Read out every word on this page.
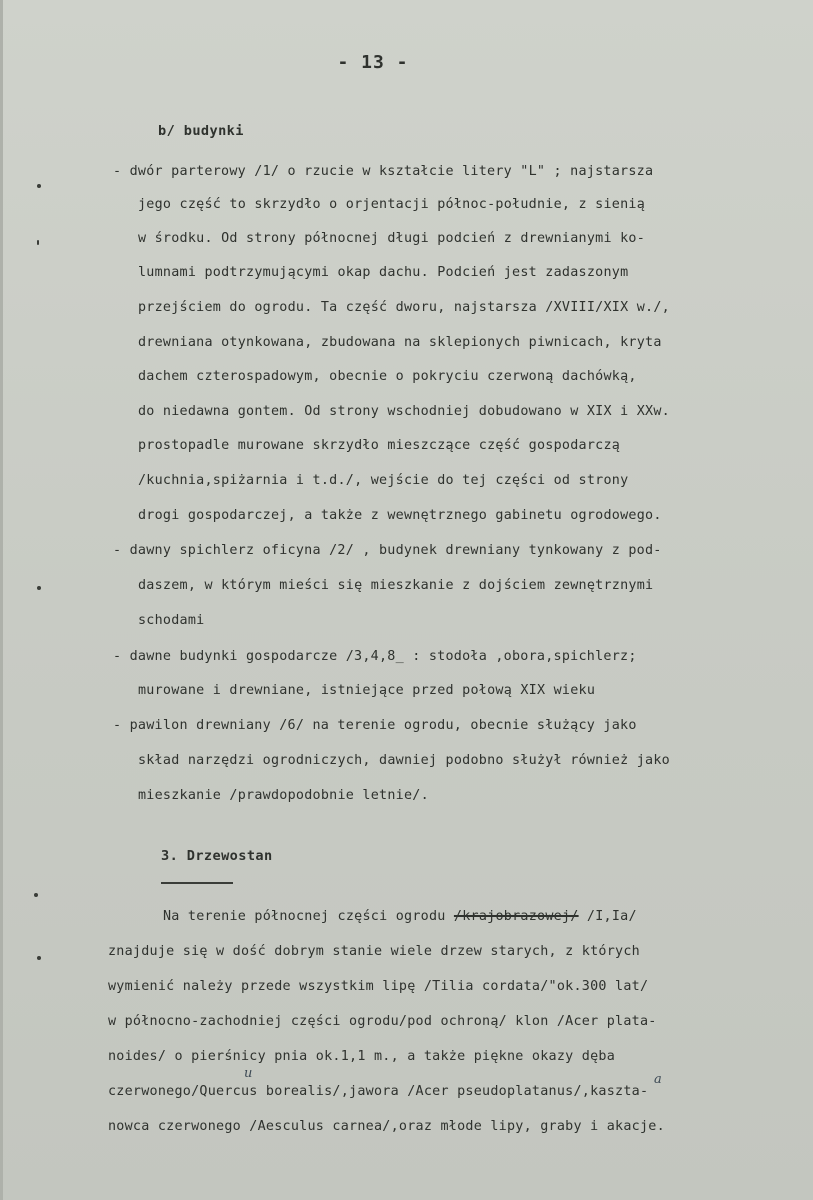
- 13 -
b/ budynki
- dwór parterowy /1/ o rzucie w kształcie litery "L" ; najstarsza
jego część to skrzydło o orjentacji północ-południe, z sienią
w środku. Od strony północnej długi podcień z drewnianymi ko-
lumnami podtrzymującymi okap dachu. Podcień jest zadaszonym
przejściem do ogrodu. Ta część dworu, najstarsza /XVIII/XIX w./,
drewniana otynkowana, zbudowana na sklepionych piwnicach, kryta
dachem czterospadowym, obecnie o pokryciu czerwoną dachówką,
do niedawna gontem. Od strony wschodniej dobudowano w XIX i XXw.
prostopadle murowane skrzydło mieszczące część gospodarczą
/kuchnia,spiżarnia i t.d./, wejście do tej części od strony
drogi gospodarczej, a także z wewnętrznego gabinetu ogrodowego.
- dawny spichlerz oficyna /2/ , budynek drewniany tynkowany z pod-
daszem, w którym mieści się mieszkanie z dojściem zewnętrznymi
schodami
- dawne budynki gospodarcze /3,4,8_ : stodoła ,obora,spichlerz;
murowane i drewniane, istniejące przed połową XIX wieku
- pawilon drewniany /6/ na terenie ogrodu, obecnie służący jako
skład narzędzi ogrodniczych, dawniej podobno służył również jako
mieszkanie /prawdopodobnie letnie/.
3. Drzewostan
Na terenie północnej części ogrodu /krajobrazowej/ /I,Ia/
znajduje się w dość dobrym stanie wiele drzew starych, z których
wymienić należy przede wszystkim lipę /Tilia cordata/"ok.300 lat/
w północno-zachodniej części ogrodu/pod ochroną/ klon /Acer plata-
noides/ o pierśnicy pnia ok.1,1 m., a także piękne okazy dęba
czerwonego/Quercus borealis/,jawora /Acer pseudoplatanus/,kaszta-
nowca czerwonego /Aesculus carnea/,oraz młode lipy, graby i akacje.
u	a
